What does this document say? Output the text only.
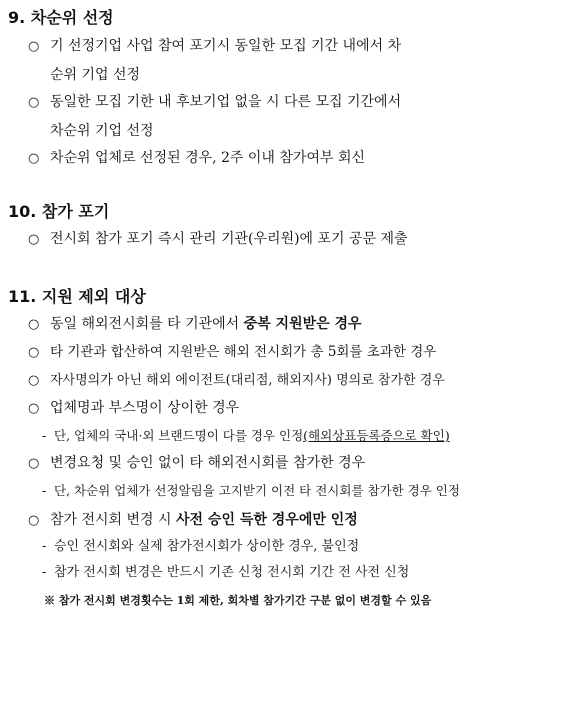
9. 차순위 선정
○ 기 선정기업 사업 참여 포기시 동일한 모집 기간 내에서 차
순위 기업 선정
○ 동일한 모집 기한 내 후보기업 없을 시 다른 모집 기간에서
차순위 기업 선정
○ 차순위 업체로 선정된 경우, 2주 이내 참가여부 회신
10. 참가 포기
○ 전시회 참가 포기 즉시 관리 기관(우리원)에 포기 공문 제출
11. 지원 제외 대상
○ 동일 해외전시회를 타 기관에서 중복 지원받은 경우
○ 타 기관과 합산하여 지원받은 해외 전시회가 총 5회를 초과한 경우
○ 자사명의가 아닌 해외 에이전트(대리점, 해외지사) 명의로 참가한 경우
○ 업체명과 부스명이 상이한 경우
- 단, 업체의 국내·외 브랜드명이 다를 경우 인정(해외상표등록증으로 확인)
○ 변경요청 및 승인 없이 타 해외전시회를 참가한 경우
- 단, 차순위 업체가 선정알림을 고지받기 이전 타 전시회를 참가한 경우 인정
○ 참가 전시회 변경 시 사전 승인 득한 경우에만 인정
- 승인 전시회와 실제 참가전시회가 상이한 경우, 불인정
- 참가 전시회 변경은 반드시 기존 신청 전시회 기간 전 사전 신청
※ 참가 전시회 변경횟수는 1회 제한, 회차별 참가기간 구분 없이 변경할 수 있음
